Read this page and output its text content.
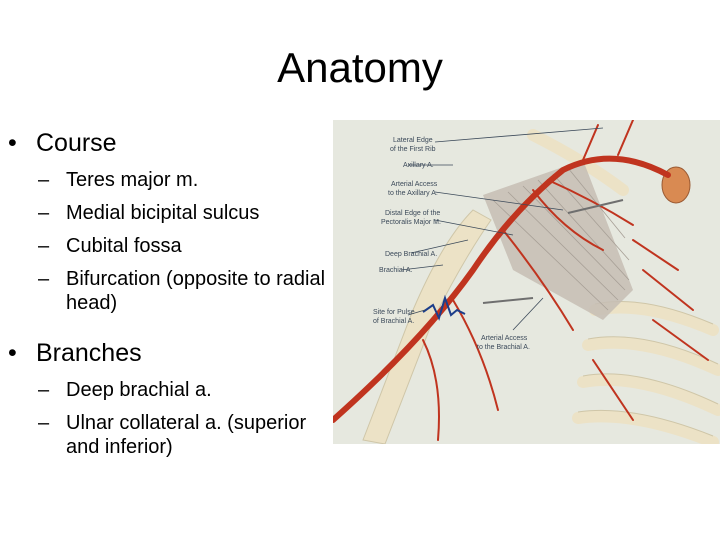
Anatomy
• Course
– Teres major m.
– Medial bicipital sulcus
– Cubital fossa
– Bifurcation (opposite to radial head)
• Branches
– Deep brachial a.
– Ulnar collateral a. (superior and inferior)
Lateral Edge of the First Rib
Axillary A.
Arterial Access to the Axillary A.
Distal Edge of the Pectoralis Major M.
Deep Brachial A.
Brachial A.
Site for Pulse of Brachial A.
Arterial Access to the Brachial A.
